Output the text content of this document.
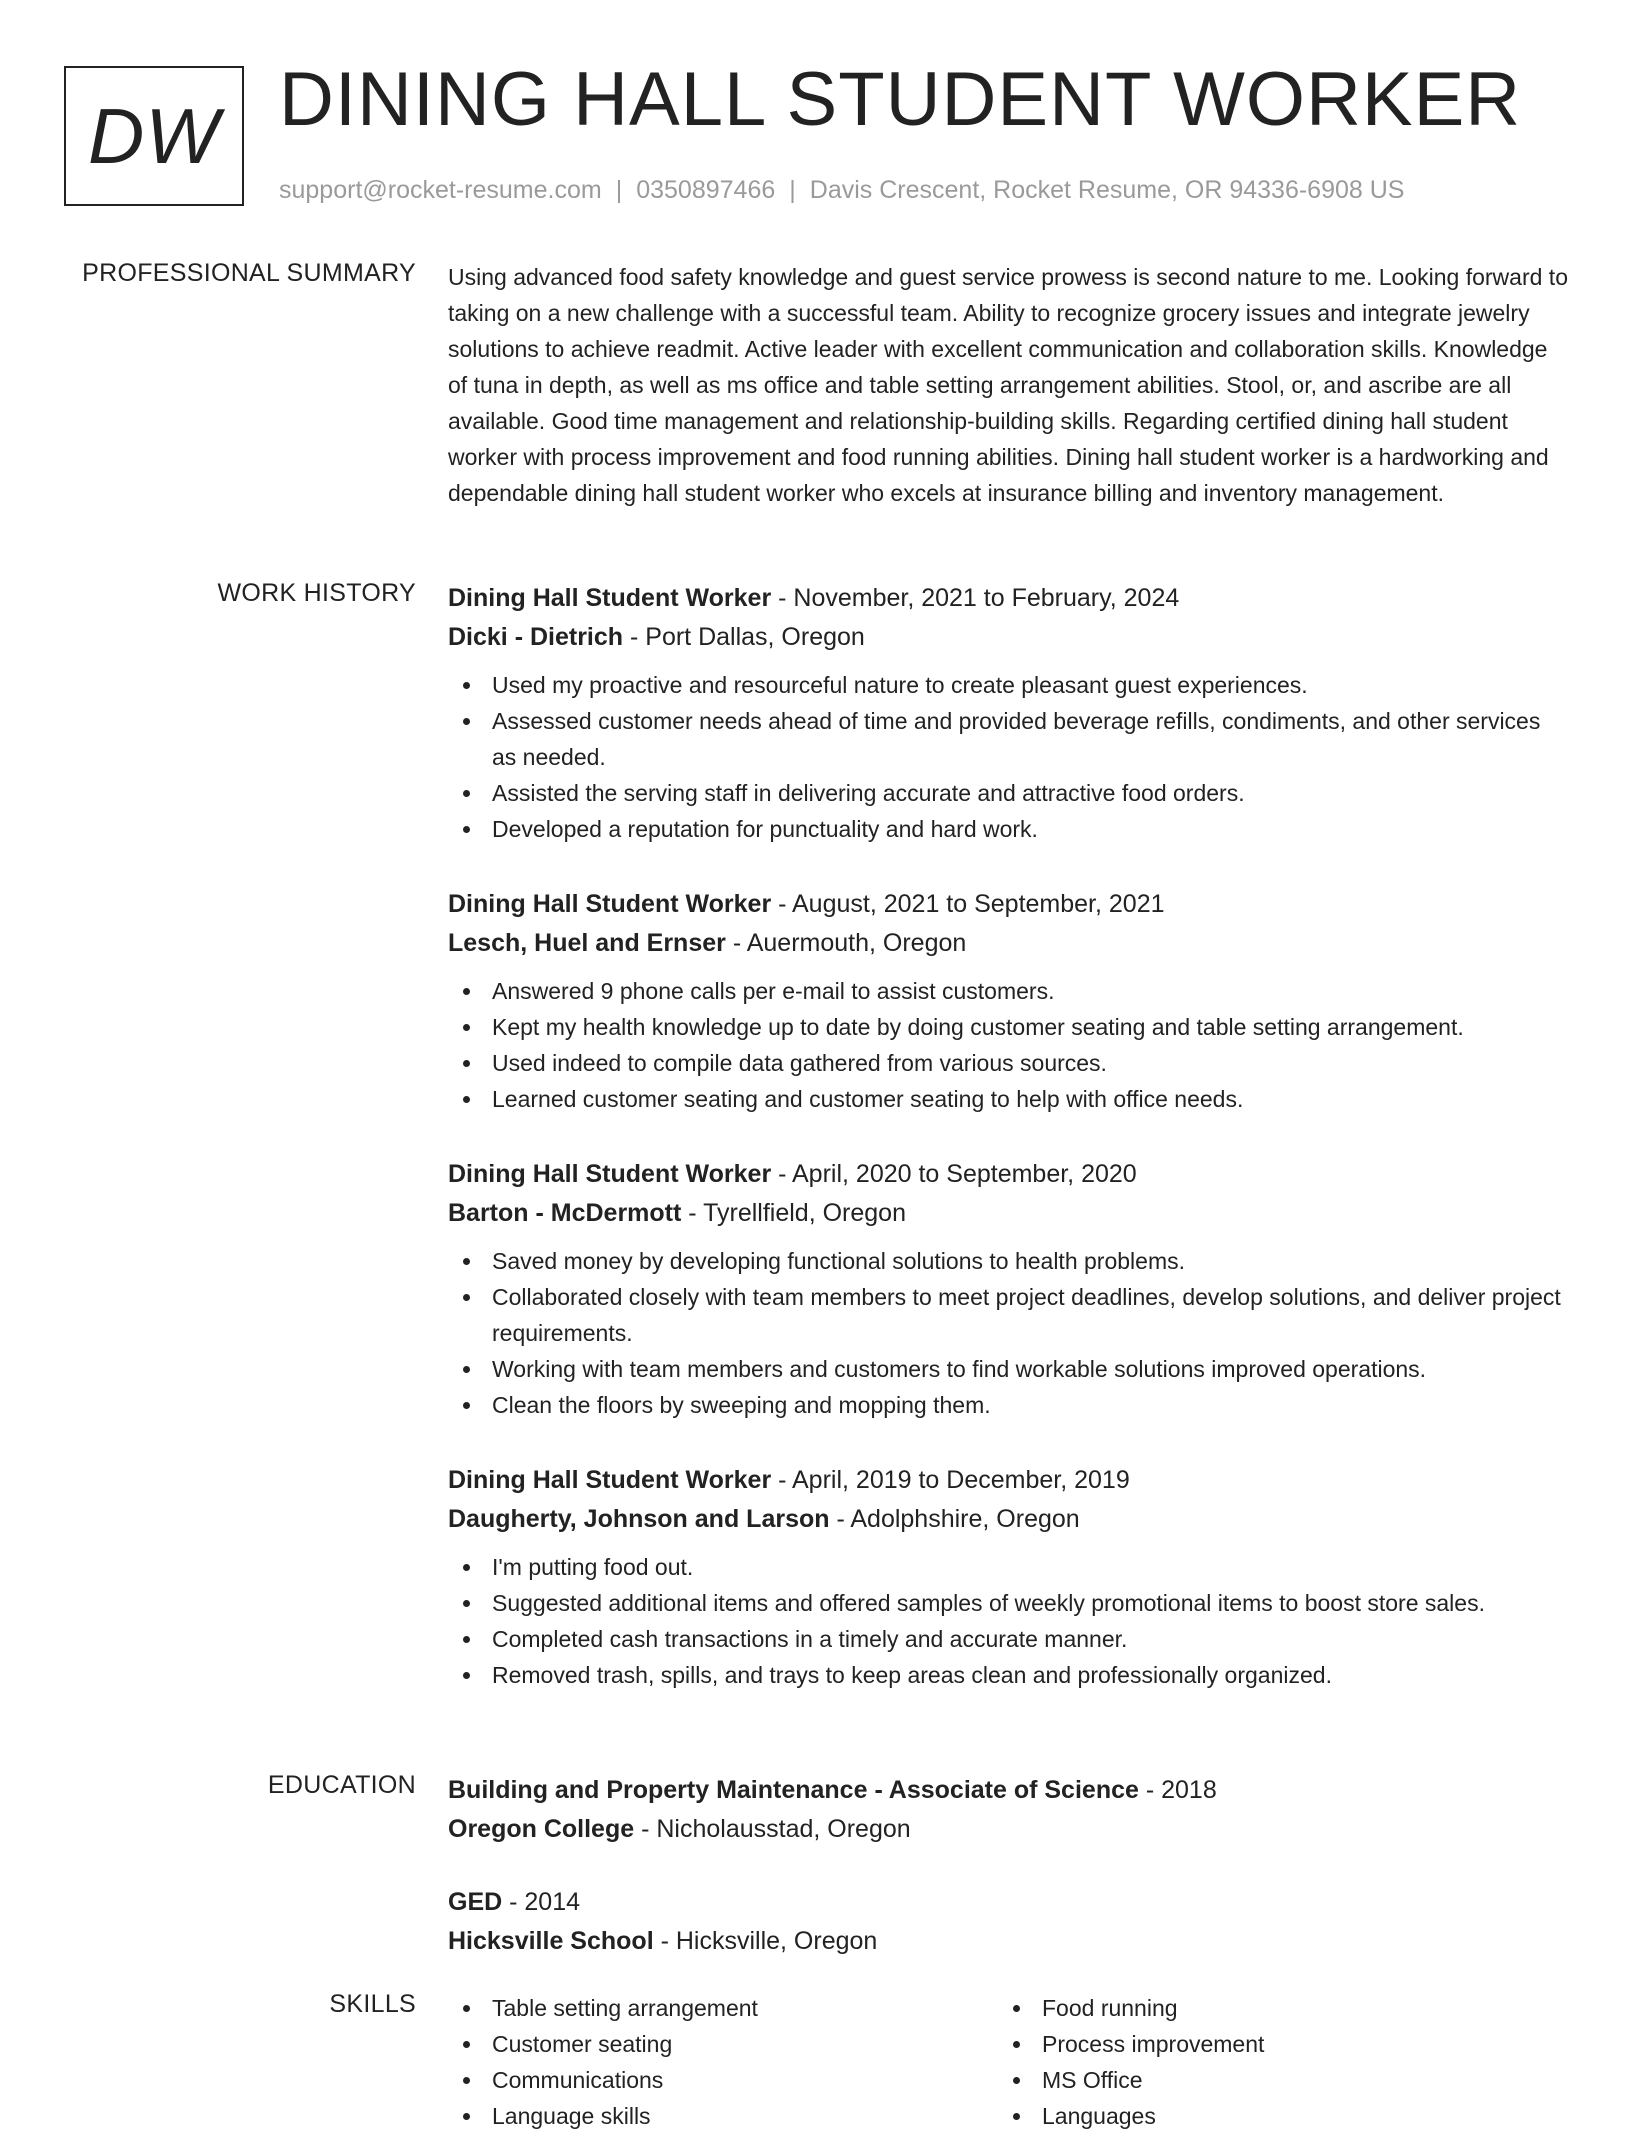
DW DINING HALL STUDENT WORKER
support@rocket-resume.com | 0350897466 | Davis Crescent, Rocket Resume, OR 94336-6908 US
PROFESSIONAL SUMMARY Using advanced food safety knowledge and guest service prowess is second nature to me. Looking forward to taking on a new challenge with a successful team. Ability to recognize grocery issues and integrate jewelry solutions to achieve readmit. Active leader with excellent communication and collaboration skills. Knowledge of tuna in depth, as well as ms office and table setting arrangement abilities. Stool, or, and ascribe are all available. Good time management and relationship-building skills. Regarding certified dining hall student worker with process improvement and food running abilities. Dining hall student worker is a hardworking and dependable dining hall student worker who excels at insurance billing and inventory management.

WORK HISTORY Dining Hall Student Worker - November, 2021 to February, 2024
Dicki - Dietrich - Port Dallas, Oregon
Used my proactive and resourceful nature to create pleasant guest experiences.
Assessed customer needs ahead of time and provided beverage refills, condiments, and other services as needed.
Assisted the serving staff in delivering accurate and attractive food orders.
Developed a reputation for punctuality and hard work.
Dining Hall Student Worker - August, 2021 to September, 2021
Lesch, Huel and Ernser - Auermouth, Oregon
Answered 9 phone calls per e-mail to assist customers.
Kept my health knowledge up to date by doing customer seating and table setting arrangement.
Used indeed to compile data gathered from various sources.
Learned customer seating and customer seating to help with office needs.
Dining Hall Student Worker - April, 2020 to September, 2020
Barton - McDermott - Tyrellfield, Oregon
Saved money by developing functional solutions to health problems.
Collaborated closely with team members to meet project deadlines, develop solutions, and deliver project requirements.
Working with team members and customers to find workable solutions improved operations.
Clean the floors by sweeping and mopping them.
Dining Hall Student Worker - April, 2019 to December, 2019
Daugherty, Johnson and Larson - Adolphshire, Oregon
I'm putting food out.
Suggested additional items and offered samples of weekly promotional items to boost store sales.
Completed cash transactions in a timely and accurate manner.
Removed trash, spills, and trays to keep areas clean and professionally organized.
EDUCATION Building and Property Maintenance - Associate of Science - 2018
Oregon College - Nicholausstad, Oregon
GED - 2014
Hicksville School - Hicksville, Oregon
SKILLS	Table setting arrangement
Customer seating
Communications
Language skills
Food running
Process improvement
MS Office
Languages
